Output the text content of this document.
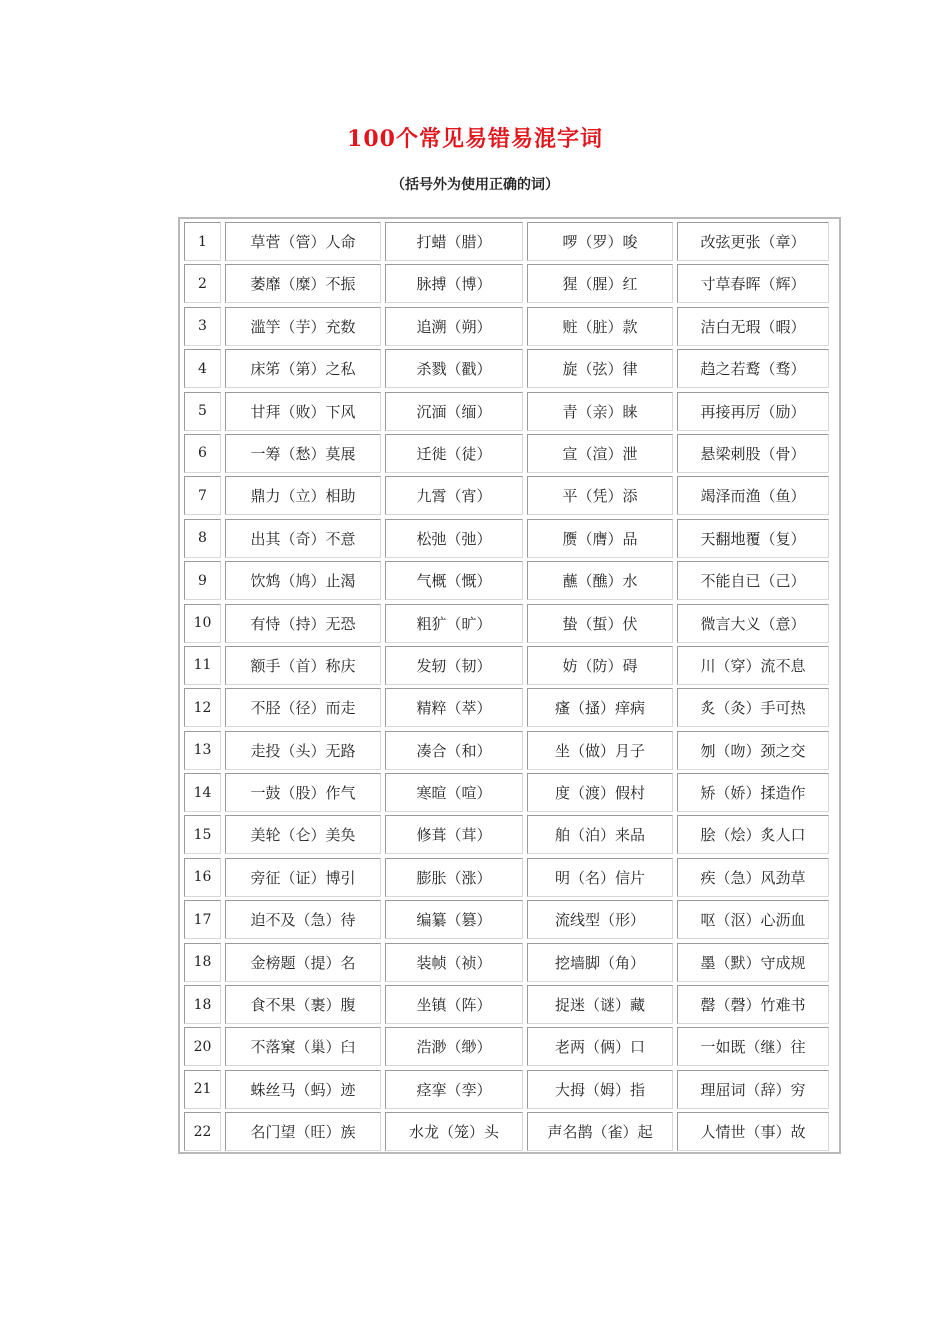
100个常见易错易混字词
（括号外为使用正确的词）
1	草菅（管）人命	打蜡（腊）	啰（罗）唆	改弦更张（章）
2	萎靡（糜）不振	脉搏（博）	猩（腥）红	寸草春晖（辉）
3	滥竽（芋）充数	追溯（朔）	赃（脏）款	洁白无瑕（暇）
4	床笫（第）之私	杀戮（戳）	旋（弦）律	趋之若鹜（骛）
5	甘拜（败）下风	沉湎（缅）	青（亲）睐	再接再厉（励）
6	一筹（愁）莫展	迁徙（徒）	宣（渲）泄	悬梁刺股（骨）
7	鼎力（立）相助	九霄（宵）	平（凭）添	竭泽而渔（鱼）
8	出其（奇）不意	松弛（弛）	赝（膺）品	天翻地覆（复）
9	饮鸩（鸠）止渴	气概（慨）	蘸（醮）水	不能自已（己）
10	有恃（持）无恐	粗犷（旷）	蛰（蜇）伏	微言大义（意）
11	额手（首）称庆	发轫（韧）	妨（防）碍	川（穿）流不息
12	不胫（径）而走	精粹（萃）	瘙（搔）痒病	炙（灸）手可热
13	走投（头）无路	凑合（和）	坐（做）月子	刎（吻）颈之交
14	一鼓（股）作气	寒暄（喧）	度（渡）假村	矫（娇）揉造作
15	美轮（仑）美奂	修葺（茸）	舶（泊）来品	脍（烩）炙人口
16	旁征（证）博引	膨胀（涨）	明（名）信片	疾（急）风劲草
17	迫不及（急）待	编纂（篡）	流线型（形）	呕（沤）心沥血
18	金榜题（提）名	装帧（祯）	挖墙脚（角）	墨（默）守成规
18	食不果（裹）腹	坐镇（阵）	捉迷（谜）藏	罄（磬）竹难书
20	不落窠（巢）臼	浩渺（缈）	老两（俩）口	一如既（继）往
21	蛛丝马（蚂）迹	痉挛（孪）	大拇（姆）指	理屈词（辞）穷
22	名门望（旺）族	水龙（笼）头	声名鹊（雀）起	人情世（事）故
